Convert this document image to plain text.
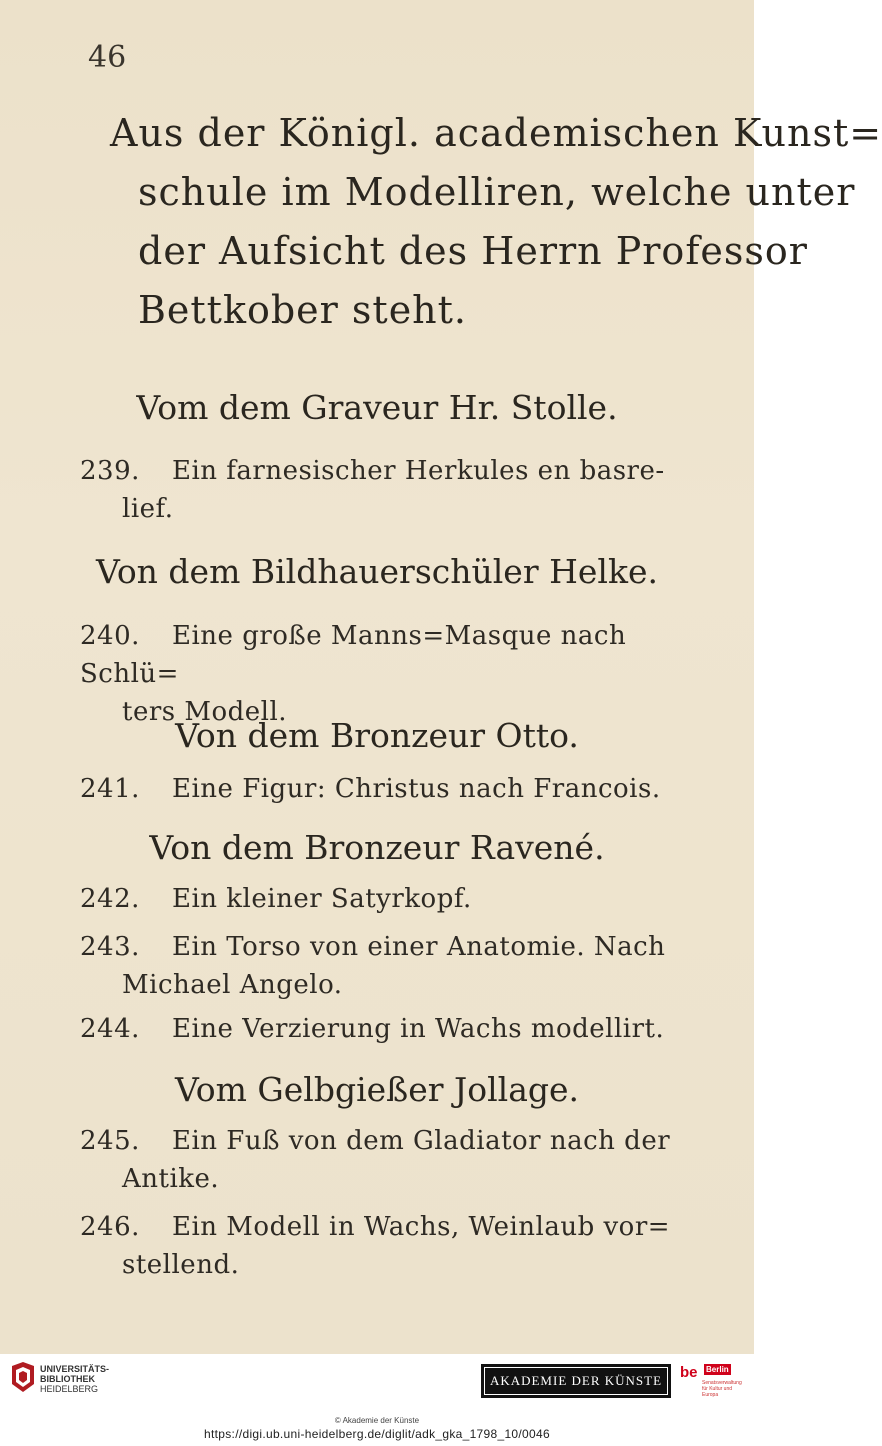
46
Aus der Königl. academischen Kunst=
schule im Modelliren, welche unter
der Aufsicht des Herrn Professor
Bettkober steht.
Vom dem Graveur Hr. Stolle.
239. Ein farnesischer Herkules en basre-
lief.
Von dem Bildhauerschüler Helke.
240. Eine große Manns=Masque nach Schlü=
ters Modell.
Von dem Bronzeur Otto.
241. Eine Figur: Christus nach Francois.
Von dem Bronzeur Ravené.
242. Ein kleiner Satyrkopf.
243. Ein Torso von einer Anatomie. Nach
Michael Angelo.
244. Eine Verzierung in Wachs modellirt.
Vom Gelbgießer Jollage.
245. Ein Fuß von dem Gladiator nach der
Antike.
246. Ein Modell in Wachs, Weinlaub vor=
stellend.
UNIVERSITÄTS-
BIBLIOTHEK
HEIDELBERG
AKADEMIE DER KÜNSTE	be Berlin
Senatsverwaltung für Kultur und Europa
© Akademie der Künste
https://digi.ub.uni-heidelberg.de/diglit/adk_gka_1798_10/0046
